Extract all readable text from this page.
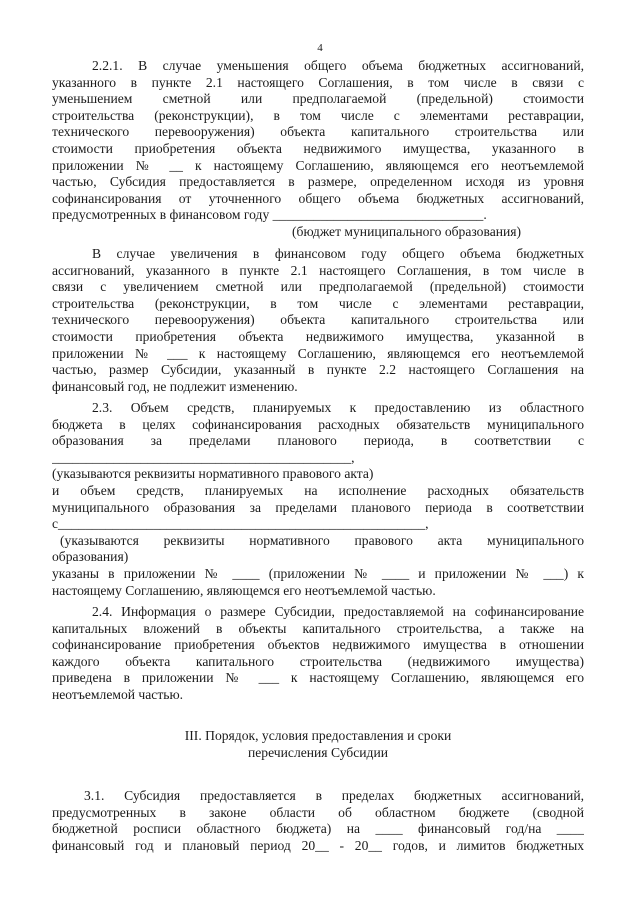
4
2.2.1. В случае уменьшения общего объема бюджетных ассигнований,
указанного в пункте 2.1 настоящего Соглашения, в том числе в связи с
уменьшением сметной или предполагаемой (предельной) стоимости
строительства (реконструкции), в том числе с элементами реставрации,
технического перевооружения) объекта капитального строительства или
стоимости приобретения объекта недвижимого имущества, указанного в
приложении № __ к настоящему Соглашению, являющемся его неотъемлемой
частью, Субсидия предоставляется в размере, определенном исходя из уровня
софинансирования от уточненного общего объема бюджетных ассигнований,
предусмотренных в финансовом году _______________________________.
(бюджет муниципального образования)
В случае увеличения в финансовом году общего объема бюджетных
ассигнований, указанного в пункте 2.1 настоящего Соглашения, в том числе в
связи с увеличением сметной или предполагаемой (предельной) стоимости
строительства (реконструкции, в том числе с элементами реставрации,
технического перевооружения) объекта капитального строительства или
стоимости приобретения объекта недвижимого имущества, указанной в
приложении № ___ к настоящему Соглашению, являющемся его неотъемлемой
частью, размер Субсидии, указанный в пункте 2.2 настоящего Соглашения на
финансовый год, не подлежит изменению.
2.3. Объем средств, планируемых к предоставлению из областного
бюджета в целях софинансирования расходных обязательств муниципального
образования за пределами планового периода, в соответствии с
____________________________________________,
(указываются реквизиты нормативного правового акта)
и объем средств, планируемых на исполнение расходных обязательств
муниципального образования за пределами планового периода в соответствии
с______________________________________________________,
(указываются реквизиты нормативного правового акта муниципального
образования)
указаны в приложении № ____ (приложении № ____ и приложении № ___) к
настоящему Соглашению, являющемся его неотъемлемой частью.
2.4. Информация о размере Субсидии, предоставляемой на софинансирование
капитальных вложений в объекты капитального строительства, а также на
софинансирование приобретения объектов недвижимого имущества в отношении
каждого объекта капитального строительства (недвижимого имущества)
приведена в приложении № ___ к настоящему Соглашению, являющемся его
неотъемлемой частью.
III. Порядок, условия предоставления и сроки
перечисления Субсидии
3.1. Субсидия предоставляется в пределах бюджетных ассигнований,
предусмотренных в законе области об областном бюджете (сводной
бюджетной росписи областного бюджета) на ____ финансовый год/на ____
финансовый год и плановый период 20__ - 20__ годов, и лимитов бюджетных
